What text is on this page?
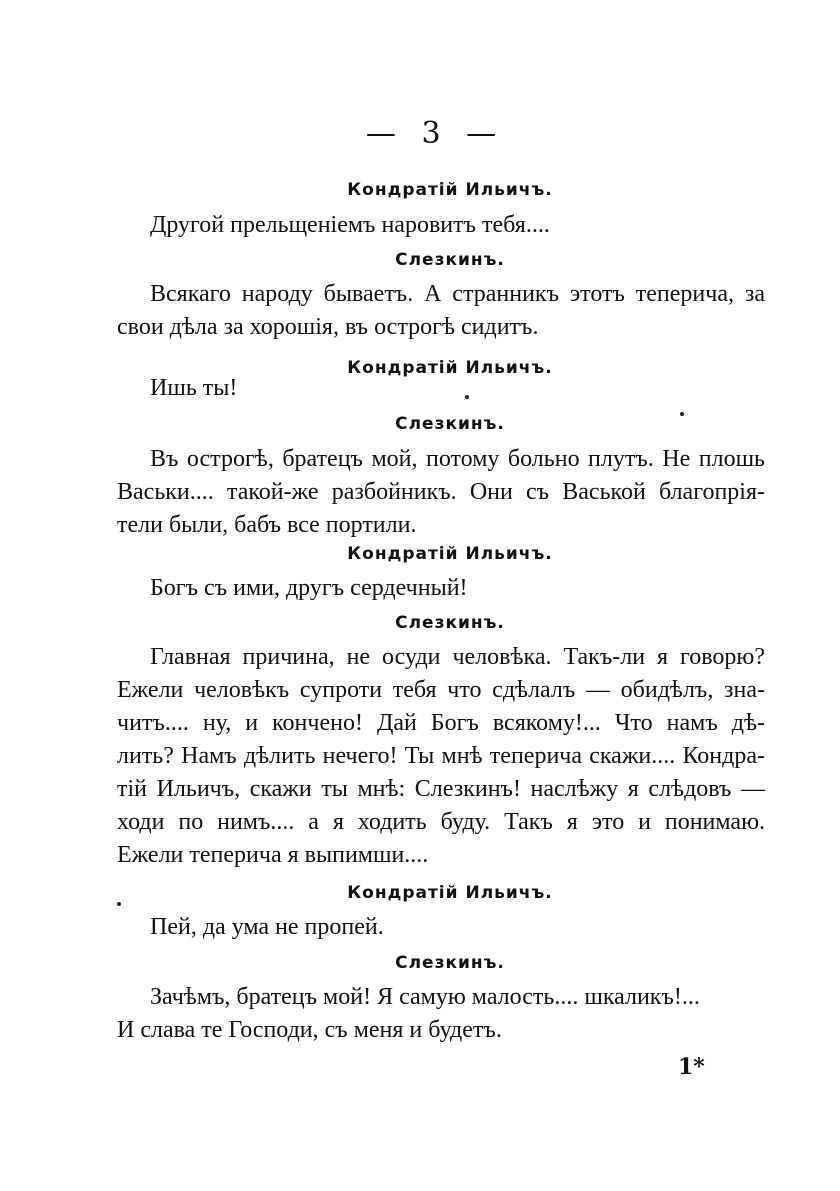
— 3 —
Кондратій Ильичъ.
Другой прельщеніемъ наровитъ тебя....
Слезкинъ.
Всякаго народу бываетъ. А странникъ этотъ теперича, за
свои дѣла за хорошія, въ острогѣ сидитъ.
Кондратій Ильичъ.
Ишь ты!
Слезкинъ.
Въ острогѣ, братецъ мой, потому больно плутъ. Не плошь
Васьки.... такой-же разбойникъ. Они съ Васькой благопрія-
тели были, бабъ все портили.
Кондратій Ильичъ.
Богъ съ ими, другъ сердечный!
Слезкинъ.
Главная причина, не осуди человѣка. Такъ-ли я говорю?
Ежели человѣкъ супроти тебя что сдѣлалъ — обидѣлъ, зна-
читъ.... ну, и кончено! Дай Богъ всякому!... Что намъ дѣ-
лить? Намъ дѣлить нечего! Ты мнѣ теперича скажи.... Кондра-
тій Ильичъ, скажи ты мнѣ: Слезкинъ! наслѣжу я слѣдовъ —
ходи по нимъ.... а я ходить буду. Такъ я это и понимаю.
Ежели теперича я выпимши....
Кондратій Ильичъ.
Пей, да ума не пропей.
Слезкинъ.
Зачѣмъ, братецъ мой! Я самую малость.... шкаликъ!...
И слава те Господи, съ меня и будетъ.
1*
